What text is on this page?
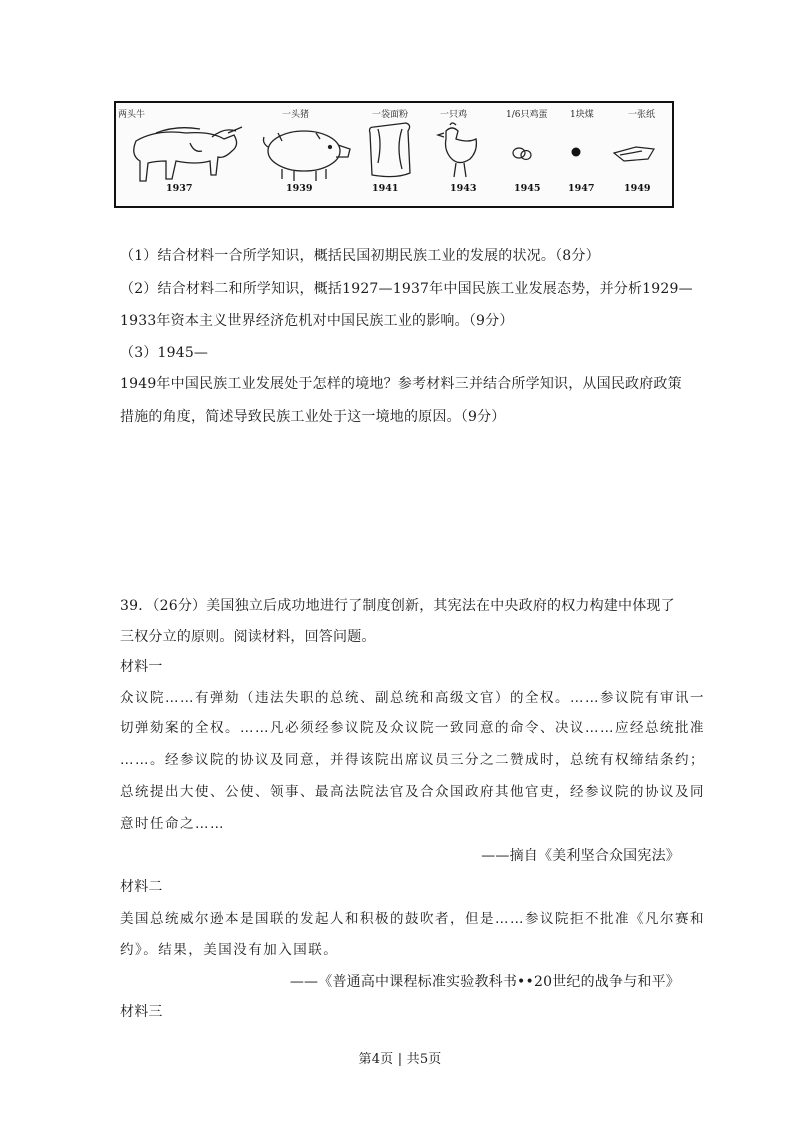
两头牛	一头猪	一袋面粉	一只鸡	1/6只鸡蛋	1块煤	一张纸
1937	1939	1941	1943	1945	1947	1949
（1）结合材料一合所学知识，概括民国初期民族工业的发展的状况。（8分）
（2）结合材料二和所学知识，概括1927—1937年中国民族工业发展态势，并分析1929—
1933年资本主义世界经济危机对中国民族工业的影响。（9分）
（3）1945—
1949年中国民族工业发展处于怎样的境地？参考材料三并结合所学知识，从国民政府政策
措施的角度，简述导致民族工业处于这一境地的原因。（9分）
39．（26分）美国独立后成功地进行了制度创新，其宪法在中央政府的权力构建中体现了
三权分立的原则。阅读材料，回答问题。
材料一
众议院……有弹劾（违法失职的总统、副总统和高级文官）的全权。……参议院有审讯一
切弹劾案的全权。……凡必须经参议院及众议院一致同意的命令、决议……应经总统批准
……。经参议院的协议及同意，并得该院出席议员三分之二赞成时，总统有权缔结条约；
总统提出大使、公使、领事、最高法院法官及合众国政府其他官吏，经参议院的协议及同
意时任命之……
——摘自《美利坚合众国宪法》
材料二
美国总统威尔逊本是国联的发起人和积极的鼓吹者，但是……参议院拒不批准《凡尔赛和
约》。结果，美国没有加入国联。
——《普通高中课程标准实验教科书••20世纪的战争与和平》
材料三
第4页 | 共5页
